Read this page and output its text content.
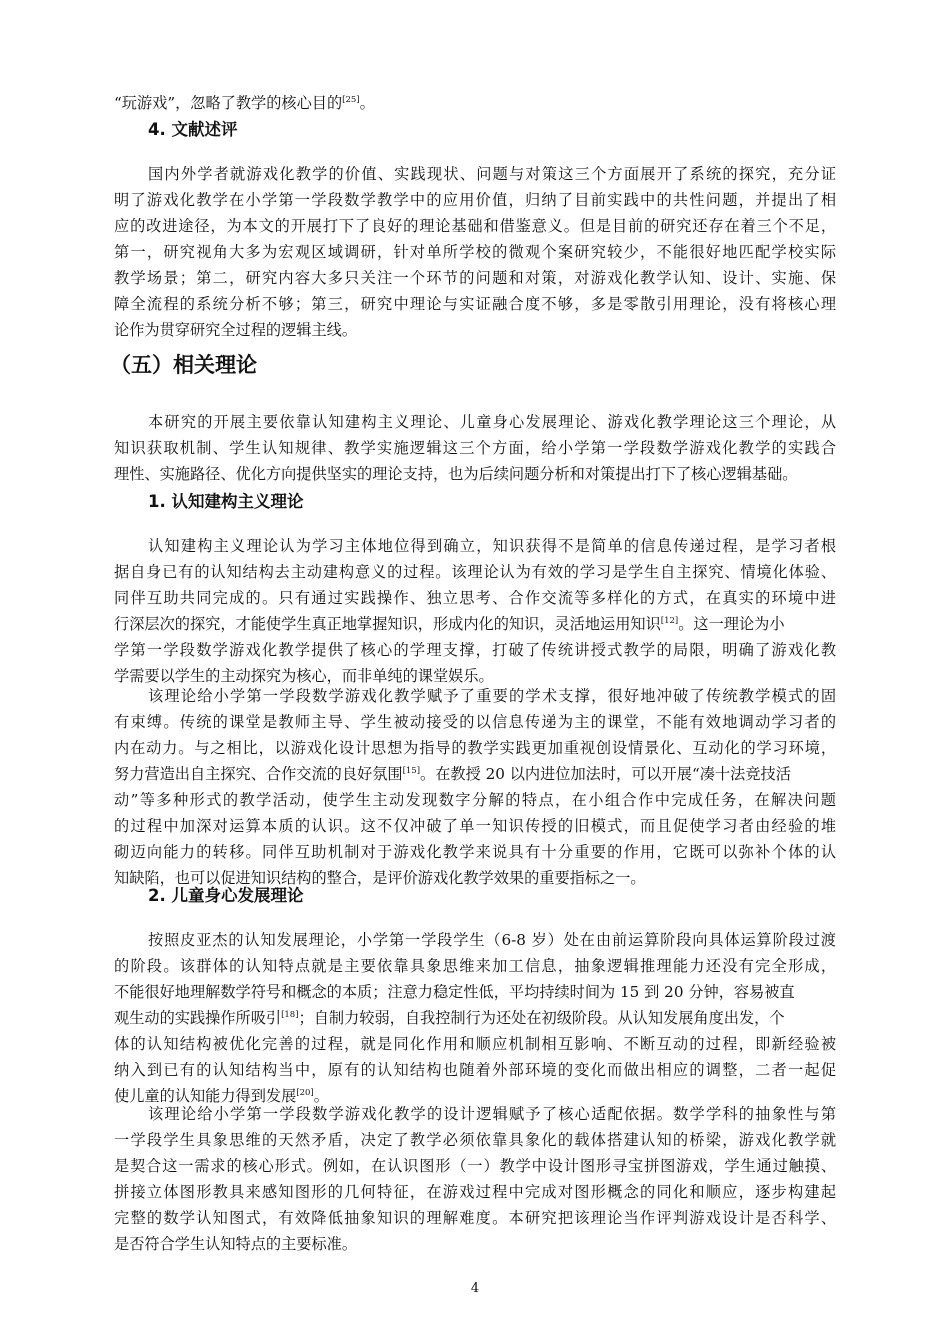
“玩游戏”，忽略了教学的核心目的[25]。
4. 文献述评
国内外学者就游戏化教学的价值、实践现状、问题与对策这三个方面展开了系统的探究，充分证
明了游戏化教学在小学第一学段数学教学中的应用价值，归纳了目前实践中的共性问题，并提出了相
应的改进途径，为本文的开展打下了良好的理论基础和借鉴意义。但是目前的研究还存在着三个不足，
第一，研究视角大多为宏观区域调研，针对单所学校的微观个案研究较少，不能很好地匹配学校实际
教学场景；第二，研究内容大多只关注一个环节的问题和对策，对游戏化教学认知、设计、实施、保
障全流程的系统分析不够；第三，研究中理论与实证融合度不够，多是零散引用理论，没有将核心理
论作为贯穿研究全过程的逻辑主线。
（五）相关理论
本研究的开展主要依靠认知建构主义理论、儿童身心发展理论、游戏化教学理论这三个理论，从
知识获取机制、学生认知规律、教学实施逻辑这三个方面，给小学第一学段数学游戏化教学的实践合
理性、实施路径、优化方向提供坚实的理论支持，也为后续问题分析和对策提出打下了核心逻辑基础。
1. 认知建构主义理论
认知建构主义理论认为学习主体地位得到确立，知识获得不是简单的信息传递过程，是学习者根
据自身已有的认知结构去主动建构意义的过程。该理论认为有效的学习是学生自主探究、情境化体验、
同伴互助共同完成的。只有通过实践操作、独立思考、合作交流等多样化的方式，在真实的环境中进
行深层次的探究，才能使学生真正地掌握知识，形成内化的知识，灵活地运用知识[12]。这一理论为小
学第一学段数学游戏化教学提供了核心的学理支撑，打破了传统讲授式教学的局限，明确了游戏化教
学需要以学生的主动探究为核心，而非单纯的课堂娱乐。
该理论给小学第一学段数学游戏化教学赋予了重要的学术支撑，很好地冲破了传统教学模式的固
有束缚。传统的课堂是教师主导、学生被动接受的以信息传递为主的课堂，不能有效地调动学习者的
内在动力。与之相比，以游戏化设计思想为指导的教学实践更加重视创设情景化、互动化的学习环境，
努力营造出自主探究、合作交流的良好氛围[15]。在教授 20 以内进位加法时，可以开展“凑十法竞技活
动”等多种形式的教学活动，使学生主动发现数字分解的特点，在小组合作中完成任务，在解决问题
的过程中加深对运算本质的认识。这不仅冲破了单一知识传授的旧模式，而且促使学习者由经验的堆
砌迈向能力的转移。同伴互助机制对于游戏化教学来说具有十分重要的作用，它既可以弥补个体的认
知缺陷，也可以促进知识结构的整合，是评价游戏化教学效果的重要指标之一。
2. 儿童身心发展理论
按照皮亚杰的认知发展理论，小学第一学段学生（6-8 岁）处在由前运算阶段向具体运算阶段过渡
的阶段。该群体的认知特点就是主要依靠具象思维来加工信息，抽象逻辑推理能力还没有完全形成，
不能很好地理解数学符号和概念的本质；注意力稳定性低，平均持续时间为 15 到 20 分钟，容易被直
观生动的实践操作所吸引[18]；自制力较弱，自我控制行为还处在初级阶段。从认知发展角度出发，个
体的认知结构被优化完善的过程，就是同化作用和顺应机制相互影响、不断互动的过程，即新经验被
纳入到已有的认知结构当中，原有的认知结构也随着外部环境的变化而做出相应的调整，二者一起促
使儿童的认知能力得到发展[20]。
该理论给小学第一学段数学游戏化教学的设计逻辑赋予了核心适配依据。数学学科的抽象性与第
一学段学生具象思维的天然矛盾，决定了教学必须依靠具象化的载体搭建认知的桥梁，游戏化教学就
是契合这一需求的核心形式。例如，在认识图形（一）教学中设计图形寻宝拼图游戏，学生通过触摸、
拼接立体图形教具来感知图形的几何特征，在游戏过程中完成对图形概念的同化和顺应，逐步构建起
完整的数学认知图式，有效降低抽象知识的理解难度。本研究把该理论当作评判游戏设计是否科学、
是否符合学生认知特点的主要标准。
4
